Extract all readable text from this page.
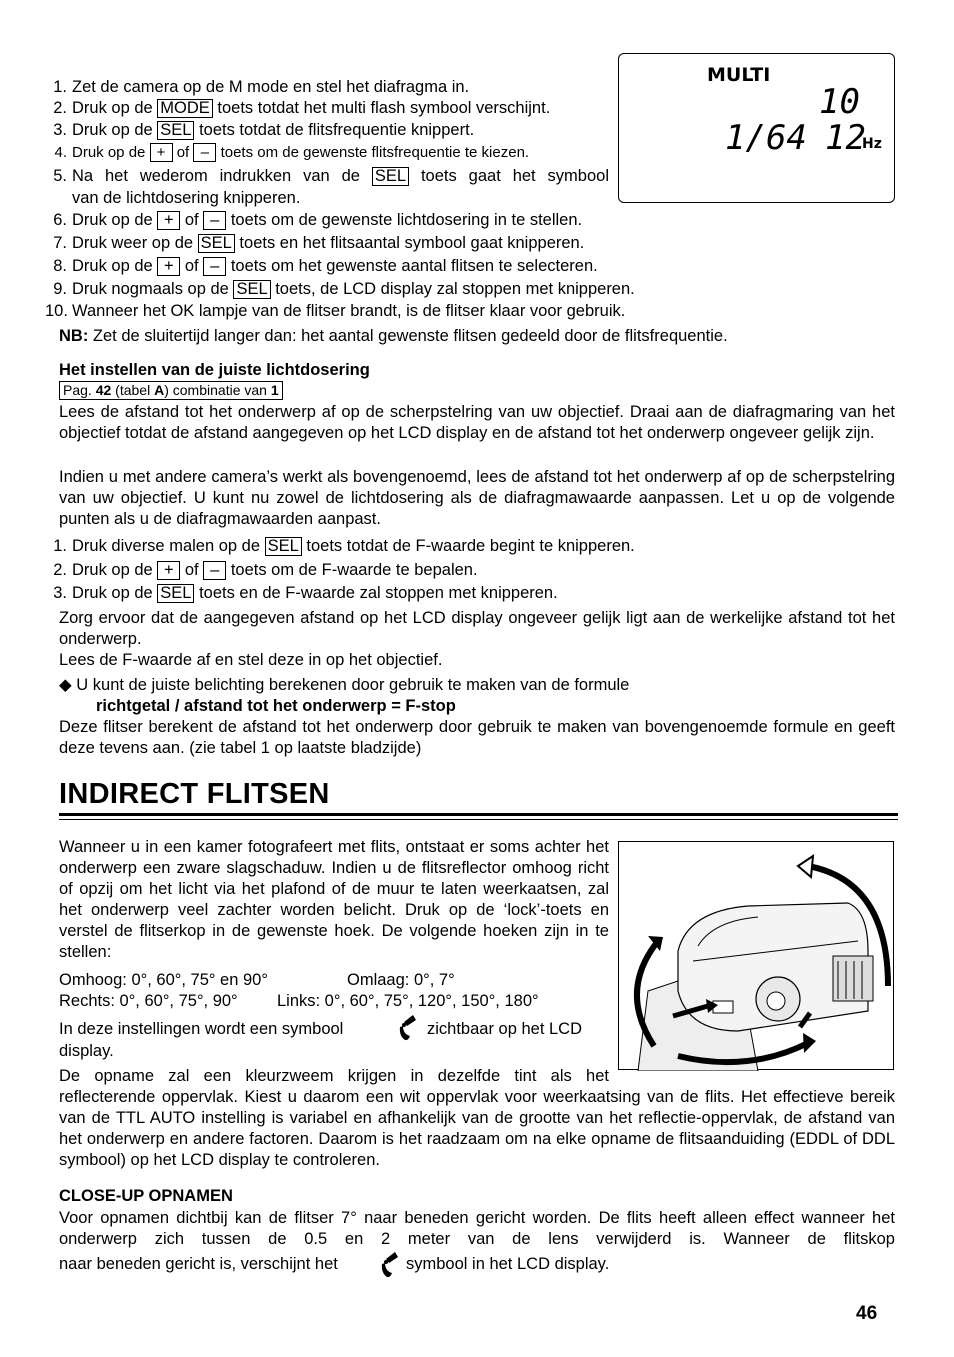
1. Zet de camera op de M mode en stel het diafragma in.
2. Druk op de MODE toets totdat het multi flash symbool verschijnt.
3. Druk op de SEL toets totdat de flitsfrequentie knippert.
4. Druk op de + of – toets om de gewenste flitsfrequentie te kiezen.
5. Na het wederom indrukken van de SEL toets gaat het symbool
van de lichtdosering knipperen.
6. Druk op de + of – toets om de gewenste lichtdosering in te stellen.
7. Druk weer op de SEL toets en het flitsaantal symbool gaat knipperen.
8. Druk op de + of – toets om het gewenste aantal flitsen te selecteren.
9. Druk nogmaals op de SEL toets, de LCD display zal stoppen met knipperen.
10. Wanneer het OK lampje van de flitser brandt, is de flitser klaar voor gebruik.
MULTI
10
1/64 12
Hz
NB: Zet de sluitertijd langer dan: het aantal gewenste flitsen gedeeld door de flitsfrequentie.
Het instellen van de juiste lichtdosering
Pag. 42 (tabel A) combinatie van 1
Lees de afstand tot het onderwerp af op de scherpstelring van uw objectief. Draai aan de diafragmaring van het objectief totdat de afstand aangegeven op het LCD display en de afstand tot het onderwerp ongeveer gelijk zijn.
Indien u met andere camera’s werkt als bovengenoemd, lees de afstand tot het onderwerp af op de scherpstelring van uw objectief. U kunt nu zowel de lichtdosering als de diafragmawaarde aanpassen. Let u op de volgende punten als u de diafragmawaarden aanpast.
1. Druk diverse malen op de SEL toets totdat de F-waarde begint te knipperen.
2. Druk op de + of – toets om de F-waarde te bepalen.
3. Druk op de SEL toets en de F-waarde zal stoppen met knipperen.
Zorg ervoor dat de aangegeven afstand op het LCD display ongeveer gelijk ligt aan de werkelijke afstand tot het onderwerp.
Lees de F-waarde af en stel deze in op het objectief.
◆ U kunt de juiste belichting berekenen door gebruik te maken van de formule
richtgetal / afstand tot het onderwerp = F-stop
Deze flitser berekent de afstand tot het onderwerp door gebruik te maken van bovengenoemde formule en geeft deze tevens aan. (zie tabel 1 op laatste bladzijde)
INDIRECT FLITSEN
Wanneer u in een kamer fotografeert met flits, ontstaat er soms achter het onderwerp een zware slagschaduw. Indien u de flitsreflector omhoog richt of opzij om het licht via het plafond of de muur te laten weerkaatsen, zal het onderwerp veel zachter worden belicht. Druk op de ‘lock’-toets en verstel de flitserkop in de gewenste hoek. De volgende hoeken zijn in te stellen:
Omhoog: 0°, 60°, 75° en 90°	Omlaag: 0°, 7°
Rechts: 0°, 60°, 75°, 90° Links: 0°, 60°, 75°, 120°, 150°, 180°
In deze instellingen wordt een symbool	zichtbaar op het LCD
display.
De opname zal een kleurzweem krijgen in dezelfde tint als het
reflecterende oppervlak. Kiest u daarom een wit oppervlak voor weerkaatsing van de flits. Het effectieve bereik van de TTL AUTO instelling is variabel en afhankelijk van de grootte van het reflectie-oppervlak, de afstand van het onderwerp en andere factoren. Daarom is het raadzaam om na elke opname de flitsaanduiding (EDDL of DDL symbool) op het LCD display te controleren.
CLOSE-UP OPNAMEN
Voor opnamen dichtbij kan de flitser 7° naar beneden gericht worden. De flits heeft alleen effect wanneer het onderwerp zich tussen de 0.5 en 2 meter van de lens verwijderd is. Wanneer de flitskop
naar beneden gericht is, verschijnt het	symbool in het LCD display.
46
